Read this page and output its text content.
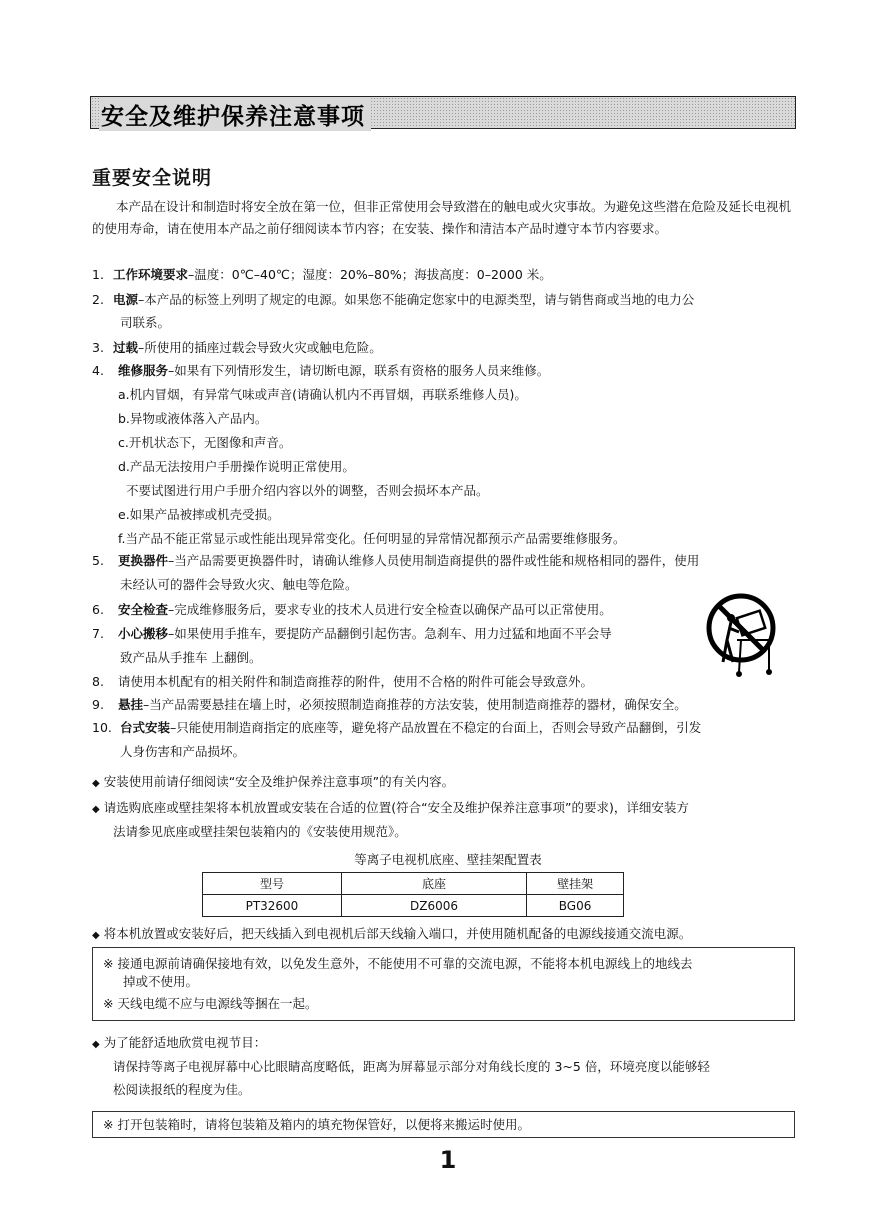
安全及维护保养注意事项
重要安全说明
本产品在设计和制造时将安全放在第一位，但非正常使用会导致潜在的触电或火灾事故。为避免这些潜在危险及延长电视机的使用寿命，请在使用本产品之前仔细阅读本节内容；在安装、操作和清洁本产品时遵守本节内容要求。
1. 工作环境要求–温度：0℃–40℃；湿度：20%–80%；海拔高度：0–2000 米。
2. 电源–本产品的标签上列明了规定的电源。如果您不能确定您家中的电源类型，请与销售商或当地的电力公
司联系。
3. 过载–所使用的插座过载会导致火灾或触电危险。
4. 维修服务–如果有下列情形发生，请切断电源，联系有资格的服务人员来维修。
a.机内冒烟，有异常气味或声音(请确认机内不再冒烟，再联系维修人员)。
b.异物或液体落入产品内。
c.开机状态下，无图像和声音。
d.产品无法按用户手册操作说明正常使用。
不要试图进行用户手册介绍内容以外的调整，否则会损坏本产品。
e.如果产品被摔或机壳受损。
f.当产品不能正常显示或性能出现异常变化。任何明显的异常情况都预示产品需要维修服务。
5. 更换器件–当产品需要更换器件时，请确认维修人员使用制造商提供的器件或性能和规格相同的器件，使用
未经认可的器件会导致火灾、触电等危险。
6. 安全检查–完成维修服务后，要求专业的技术人员进行安全检查以确保产品可以正常使用。
7. 小心搬移–如果使用手推车，要提防产品翻倒引起伤害。急刹车、用力过猛和地面不平会导
致产品从手推车 上翻倒。
8. 请使用本机配有的相关附件和制造商推荐的附件，使用不合格的附件可能会导致意外。
9. 悬挂–当产品需要悬挂在墙上时，必须按照制造商推荐的方法安装，使用制造商推荐的器材，确保安全。
10. 台式安装–只能使用制造商指定的底座等，避免将产品放置在不稳定的台面上，否则会导致产品翻倒，引发
人身伤害和产品损坏。
◆ 安装使用前请仔细阅读“安全及维护保养注意事项”的有关内容。
◆ 请选购底座或壁挂架将本机放置或安装在合适的位置(符合“安全及维护保养注意事项”的要求)，详细安装方
法请参见底座或壁挂架包装箱内的《安装使用规范》。
等离子电视机底座、壁挂架配置表
型号	底座	壁挂架
PT32600	DZ6006	BG06
◆ 将本机放置或安装好后，把天线插入到电视机后部天线输入端口，并使用随机配备的电源线接通交流电源。
※ 接通电源前请确保接地有效，以免发生意外，不能使用不可靠的交流电源，不能将本机电源线上的地线去
掉或不使用。
※ 天线电缆不应与电源线等捆在一起。
◆ 为了能舒适地欣赏电视节目：
请保持等离子电视屏幕中心比眼睛高度略低，距离为屏幕显示部分对角线长度的 3~5 倍，环境亮度以能够轻
松阅读报纸的程度为佳。
※ 打开包装箱时，请将包装箱及箱内的填充物保管好，以便将来搬运时使用。
1
